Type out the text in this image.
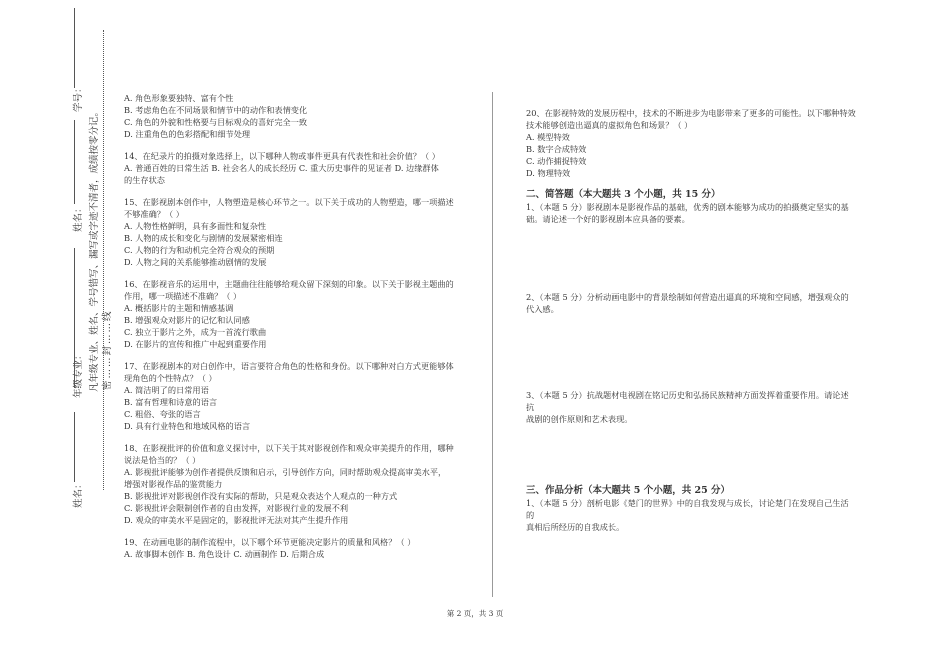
学号：
姓名：
年级专业：
姓名：
凡年级专业、姓名、学号错写、漏写或字迹不清者，成绩按零分记。 密……封……线

A. 角色形象要独特、富有个性

B. 考虑角色在不同场景和情节中的动作和表情变化

C. 角色的外貌和性格要与目标观众的喜好完全一致

D. 注重角色的色彩搭配和细节处理

14、在纪录片的拍摄对象选择上，以下哪种人物或事件更具有代表性和社会价值？（ ）

A. 普通百姓的日常生活 B. 社会名人的成长经历 C. 重大历史事件的见证者 D. 边缘群体

的生存状态

15、在影视剧本创作中，人物塑造是核心环节之一。以下关于成功的人物塑造，哪一项描述

不够准确？（ ）

A. 人物性格鲜明，具有多面性和复杂性

B. 人物的成长和变化与剧情的发展紧密相连

C. 人物的行为和动机完全符合观众的预期

D. 人物之间的关系能够推动剧情的发展

16、在影视音乐的运用中，主题曲往往能够给观众留下深刻的印象。以下关于影视主题曲的

作用，哪一项描述不准确？（ ）

A. 概括影片的主题和情感基调

B. 增强观众对影片的记忆和认同感

C. 独立于影片之外，成为一首流行歌曲

D. 在影片的宣传和推广中起到重要作用

17、在影视剧本的对白创作中，语言要符合角色的性格和身份。以下哪种对白方式更能够体

现角色的个性特点？（ ）

A. 简洁明了的日常用语

B. 富有哲理和诗意的语言

C. 粗俗、夸张的语言

D. 具有行业特色和地域风格的语言

18、在影视批评的价值和意义探讨中，以下关于其对影视创作和观众审美提升的作用，哪种

说法是恰当的？（ ）

A. 影视批评能够为创作者提供反馈和启示，引导创作方向，同时帮助观众提高审美水平，

增强对影视作品的鉴赏能力

B. 影视批评对影视创作没有实际的帮助，只是观众表达个人观点的一种方式

C. 影视批评会限制创作者的自由发挥，对影视行业的发展不利

D. 观众的审美水平是固定的，影视批评无法对其产生提升作用

19、在动画电影的制作流程中，以下哪个环节更能决定影片的质量和风格？（ ）

A. 故事脚本创作 B. 角色设计 C. 动画制作 D. 后期合成

20、在影视特效的发展历程中，技术的不断进步为电影带来了更多的可能性。以下哪种特效

技术能够创造出逼真的虚拟角色和场景？（ ）

A. 模型特效

B. 数字合成特效

C. 动作捕捉特效

D. 物理特效

二、简答题（本大题共 3 个小题，共 15 分）

1、（本题 5 分）影视剧本是影视作品的基础，优秀的剧本能够为成功的拍摄奠定坚实的基

础。请论述一个好的影视剧本应具备的要素。

2、（本题 5 分）分析动画电影中的背景绘制如何营造出逼真的环境和空间感，增强观众的

代入感。

3、（本题 5 分）抗战题材电视剧在铭记历史和弘扬民族精神方面发挥着重要作用。请论述抗

战剧的创作原则和艺术表现。

三、作品分析（本大题共 5 个小题，共 25 分）

1、（本题 5 分）剖析电影《楚门的世界》中的自我发现与成长，讨论楚门在发现自己生活的

真相后所经历的自我成长。

第 2 页，共 3 页
